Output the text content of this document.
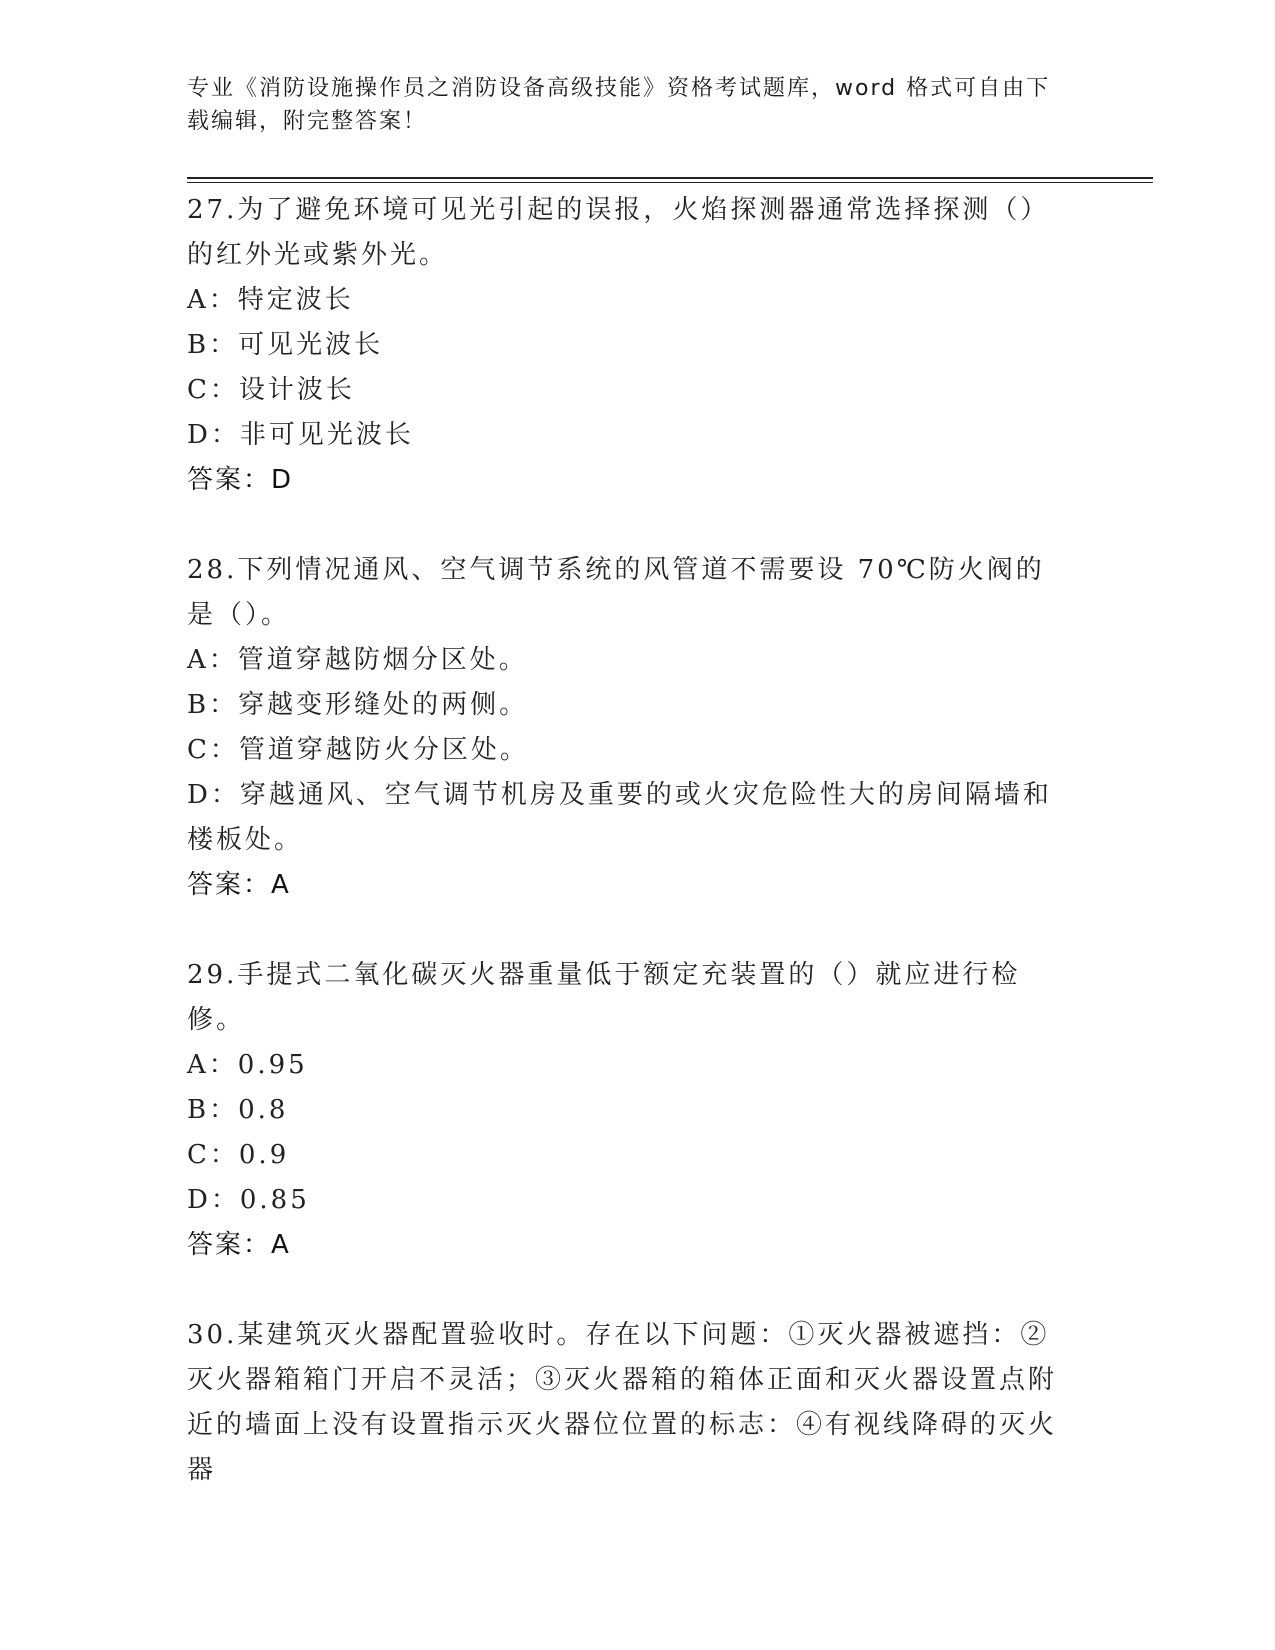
专业《消防设施操作员之消防设备高级技能》资格考试题库，word 格式可自由下载编辑，附完整答案！
27.为了避免环境可见光引起的误报，火焰探测器通常选择探测（）的红外光或紫外光。
A：特定波长
B：可见光波长
C：设计波长
D：非可见光波长
答案：D
28.下列情况通风、空气调节系统的风管道不需要设 70℃防火阀的是（）。
A：管道穿越防烟分区处。
B：穿越变形缝处的两侧。
C：管道穿越防火分区处。
D：穿越通风、空气调节机房及重要的或火灾危险性大的房间隔墙和楼板处。
答案：A
29.手提式二氧化碳灭火器重量低于额定充装置的（）就应进行检修。
A：0.95
B：0.8
C：0.9
D：0.85
答案：A
30.某建筑灭火器配置验收时。存在以下问题：①灭火器被遮挡：②灭火器箱箱门开启不灵活；③灭火器箱的箱体正面和灭火器设置点附近的墙面上没有设置指示灭火器位位置的标志：④有视线降碍的灭火器
